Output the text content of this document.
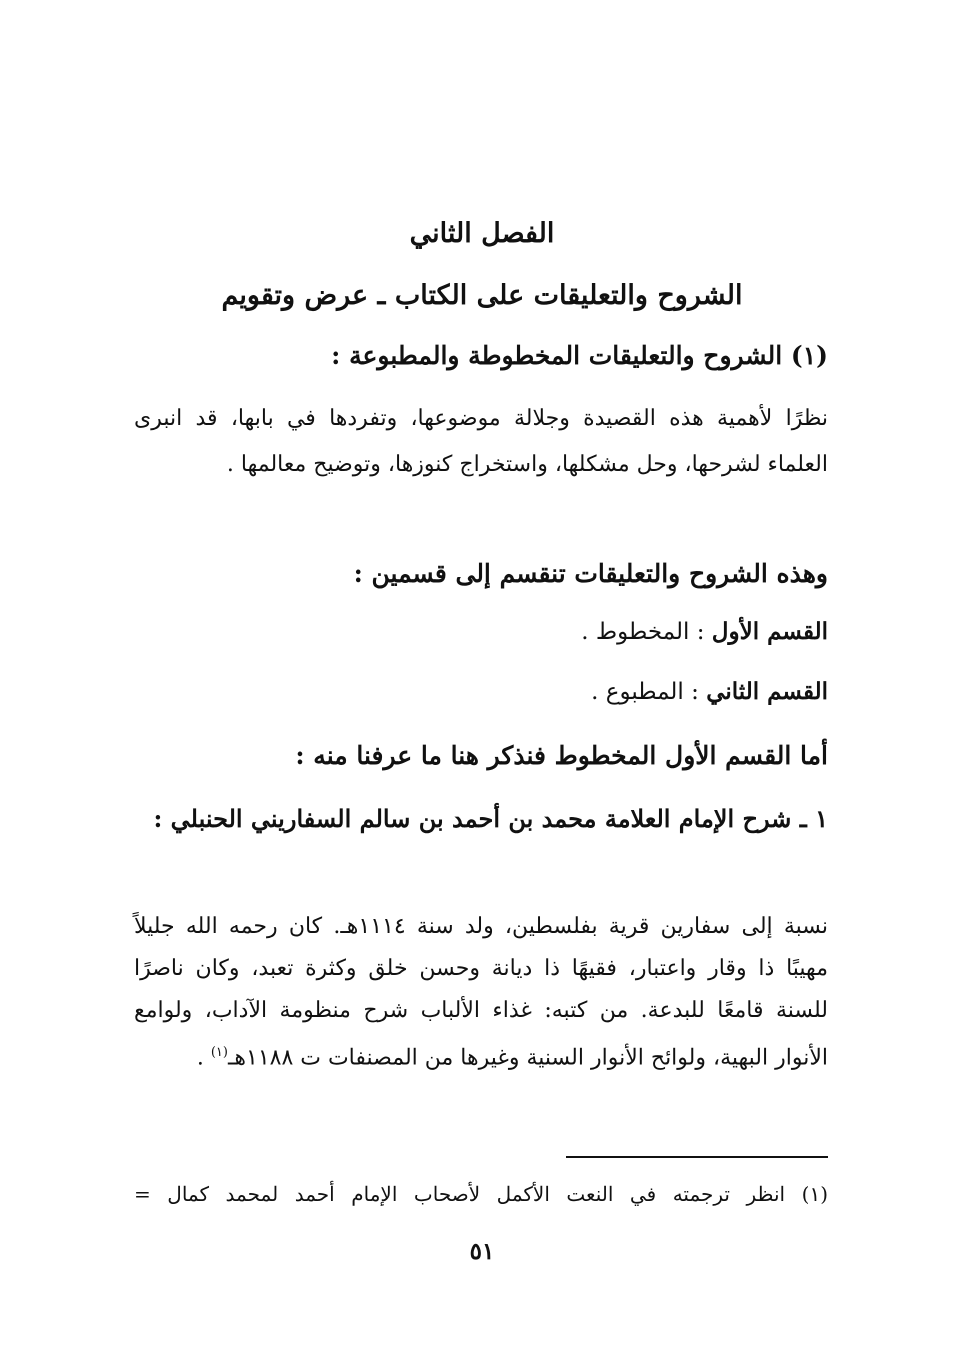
الفصل الثاني
الشروح والتعليقات على الكتاب ـ عرض وتقويم
(١) الشروح والتعليقات المخطوطة والمطبوعة :
نظرًا لأهمية هذه القصيدة وجلالة موضوعها، وتفردها في بابها، قد انبرى العلماء لشرحها، وحل مشكلها، واستخراج كنوزها، وتوضيح معالمها .
وهذه الشروح والتعليقات تنقسم إلى قسمين :
القسم الأول : المخطوط .
القسم الثاني : المطبوع .
أما القسم الأول المخطوط فنذكر هنا ما عرفنا منه :
١ ـ شرح الإمام العلامة محمد بن أحمد بن سالم السفاريني الحنبلي :
نسبة إلى سفارين قرية بفلسطين، ولد سنة ١١١٤هـ. كان رحمه الله جليلاً مهيبًا ذا وقار واعتبار، فقيهًا ذا ديانة وحسن خلق وكثرة تعبد، وكان ناصرًا للسنة قامعًا للبدعة. من كتبه: غذاء الألباب شرح منظومة الآداب، ولوامع الأنوار البهية، ولوائح الأنوار السنية وغيرها من المصنفات ت ١١٨٨هـ$^{(١)}$ .
(١) انظر ترجمته في النعت الأكمل لأصحاب الإمام أحمد لمحمد كمال =
٥١
